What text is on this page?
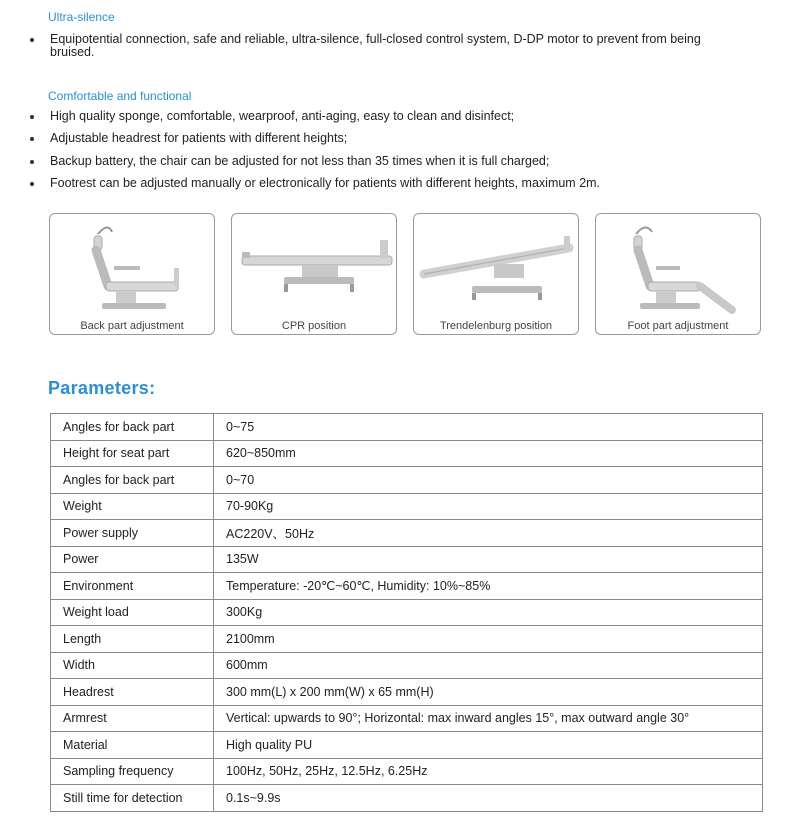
Ultra-silence
Equipotential connection, safe and reliable, ultra-silence, full-closed control system, D-DP motor to prevent from being bruised.
Comfortable and functional
High quality sponge, comfortable, wearproof, anti-aging, easy to clean and disinfect;
Adjustable headrest for patients with different heights;
Backup battery, the chair can be adjusted for not less than 35 times when it is full charged;
Footrest can be adjusted manually or electronically for patients with different heights, maximum 2m.
Back part adjustment	CPR position	Trendelenburg position	Foot part adjustment
Parameters:
Angles for back part	0~75
Height for seat part	620~850mm
Angles for back part	0~70
Weight	70-90Kg
Power supply	AC220V、50Hz
Power	135W
Environment	Temperature: -20℃~60℃, Humidity: 10%~85%
Weight load	300Kg
Length	2100mm
Width	600mm
Headrest	300 mm(L) x 200 mm(W) x 65 mm(H)
Armrest	Vertical: upwards to 90°; Horizontal: max inward angles 15°, max outward angle 30°
Material	High quality PU
Sampling frequency	100Hz, 50Hz, 25Hz, 12.5Hz, 6.25Hz
Still time for detection	0.1s~9.9s
